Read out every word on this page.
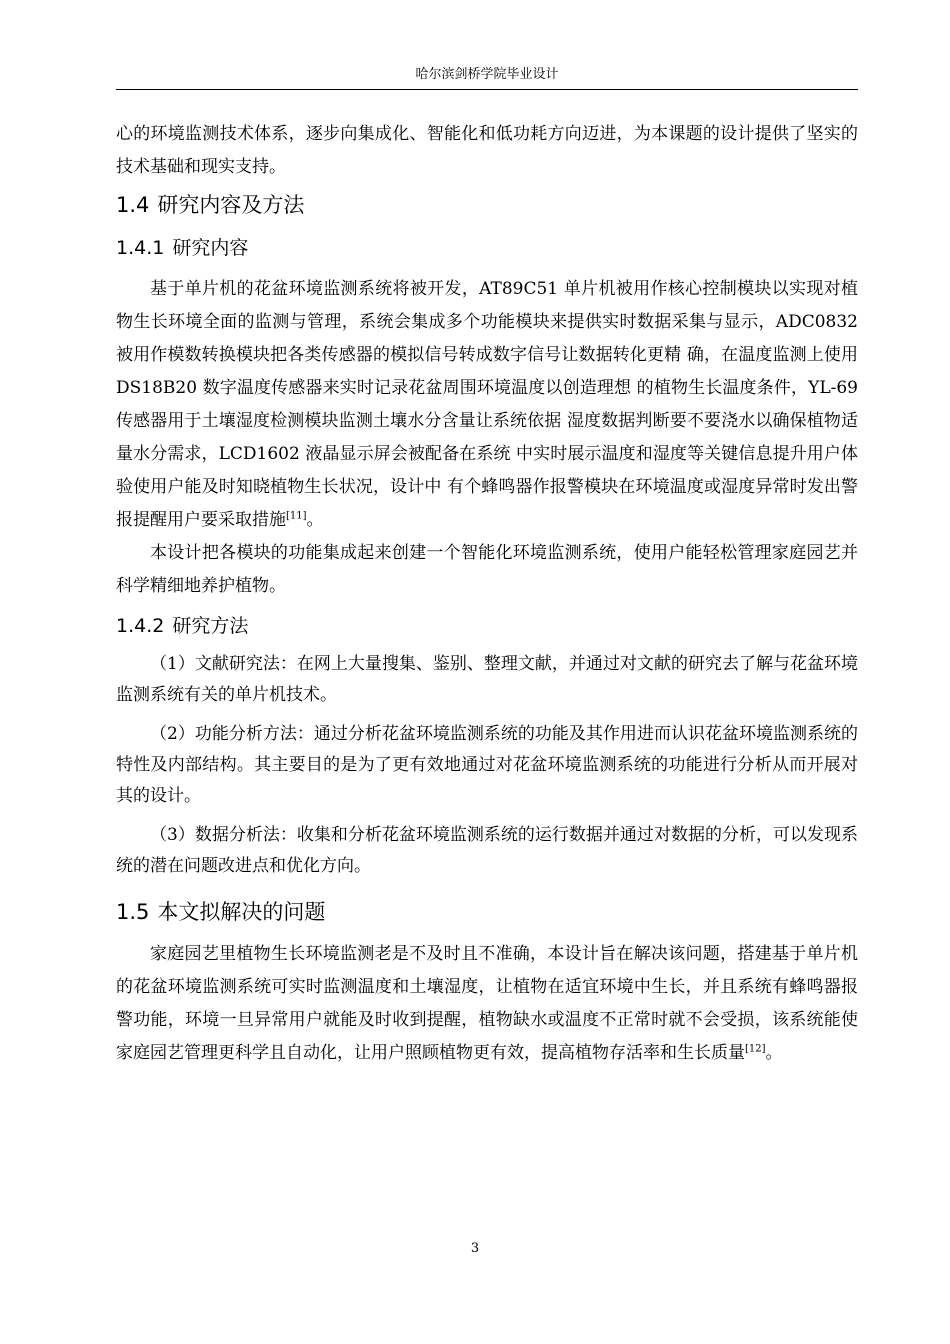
哈尔滨剑桥学院毕业设计

心的环境监测技术体系，逐步向集成化、智能化和低功耗方向迈进，为本课题的设计提供了坚实的技术基础和现实支持。

1.4 研究内容及方法
1.4.1 研究内容

基于单片机的花盆环境监测系统将被开发，AT89C51 单片机被用作核心控制模块以实现对植物生长环境全面的监测与管理，系统会集成多个功能模块来提供实时数据采集与显示，ADC0832 被用作模数转换模块把各类传感器的模拟信号转成数字信号让数据转化更精 确，在温度监测上使用 DS18B20 数字温度传感器来实时记录花盆周围环境温度以创造理想 的植物生长温度条件，YL-69 传感器用于土壤湿度检测模块监测土壤水分含量让系统依据 湿度数据判断要不要浇水以确保植物适量水分需求，LCD1602 液晶显示屏会被配备在系统 中实时展示温度和湿度等关键信息提升用户体验使用户能及时知晓植物生长状况，设计中 有个蜂鸣器作报警模块在环境温度或湿度异常时发出警报提醒用户要采取措施[11]。

本设计把各模块的功能集成起来创建一个智能化环境监测系统，使用户能轻松管理家庭园艺并科学精细地养护植物。

1.4.2 研究方法

（1）文献研究法：在网上大量搜集、鉴别、整理文献，并通过对文献的研究去了解与花盆环境监测系统有关的单片机技术。

（2）功能分析方法：通过分析花盆环境监测系统的功能及其作用进而认识花盆环境监测系统的特性及内部结构。其主要目的是为了更有效地通过对花盆环境监测系统的功能进行分析从而开展对其的设计。

（3）数据分析法：收集和分析花盆环境监测系统的运行数据并通过对数据的分析，可以发现系统的潜在问题改进点和优化方向。

1.5 本文拟解决的问题

家庭园艺里植物生长环境监测老是不及时且不准确，本设计旨在解决该问题，搭建基于单片机的花盆环境监测系统可实时监测温度和土壤湿度，让植物在适宜环境中生长，并且系统有蜂鸣器报警功能，环境一旦异常用户就能及时收到提醒，植物缺水或温度不正常时就不会受损，该系统能使家庭园艺管理更科学且自动化，让用户照顾植物更有效，提高植物存活率和生长质量[12]。

3
